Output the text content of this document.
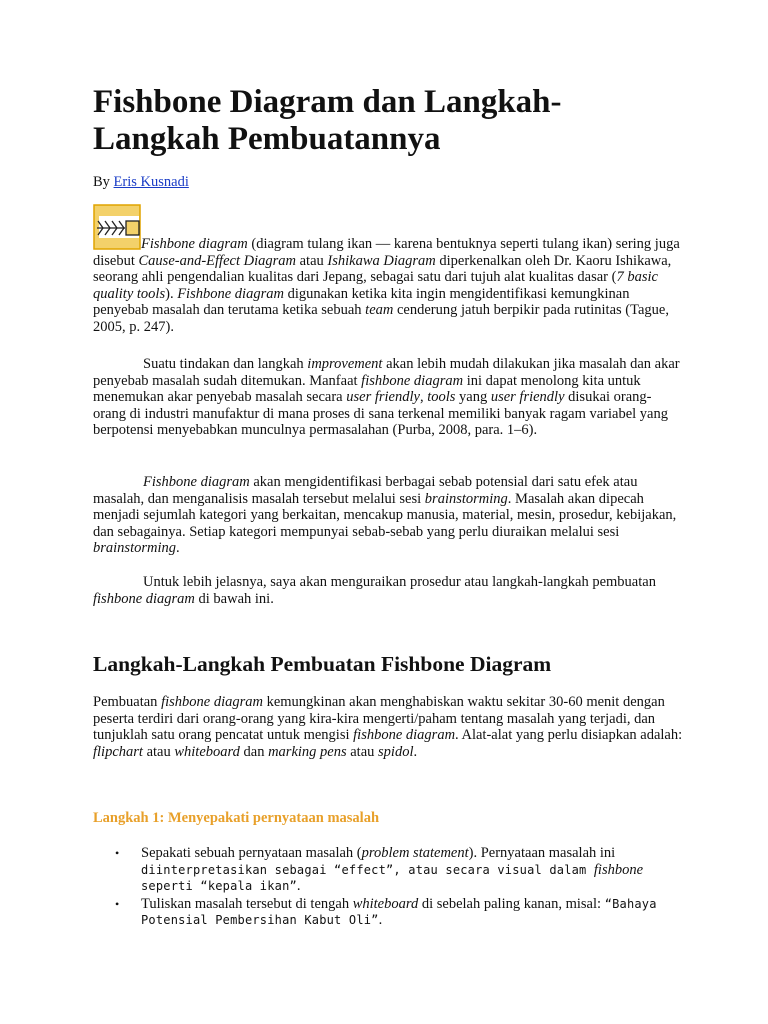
Fishbone Diagram dan Langkah-Langkah Pembuatannya
By Eris Kusnadi

Fishbone diagram (diagram tulang ikan — karena bentuknya seperti tulang ikan) sering juga disebut Cause-and-Effect Diagram atau Ishikawa Diagram diperkenalkan oleh Dr. Kaoru Ishikawa, seorang ahli pengendalian kualitas dari Jepang, sebagai satu dari tujuh alat kualitas dasar (7 basic quality tools). Fishbone diagram digunakan ketika kita ingin mengidentifikasi kemungkinan penyebab masalah dan terutama ketika sebuah team cenderung jatuh berpikir pada rutinitas (Tague, 2005, p. 247).

Suatu tindakan dan langkah improvement akan lebih mudah dilakukan jika masalah dan akar penyebab masalah sudah ditemukan. Manfaat fishbone diagram ini dapat menolong kita untuk menemukan akar penyebab masalah secara user friendly, tools yang user friendly disukai orang-orang di industri manufaktur di mana proses di sana terkenal memiliki banyak ragam variabel yang berpotensi menyebabkan munculnya permasalahan (Purba, 2008, para. 1–6).

Fishbone diagram akan mengidentifikasi berbagai sebab potensial dari satu efek atau masalah, dan menganalisis masalah tersebut melalui sesi brainstorming. Masalah akan dipecah menjadi sejumlah kategori yang berkaitan, mencakup manusia, material, mesin, prosedur, kebijakan, dan sebagainya. Setiap kategori mempunyai sebab-sebab yang perlu diuraikan melalui sesi brainstorming.

Untuk lebih jelasnya, saya akan menguraikan prosedur atau langkah-langkah pembuatan fishbone diagram di bawah ini.

Langkah-Langkah Pembuatan Fishbone Diagram

Pembuatan fishbone diagram kemungkinan akan menghabiskan waktu sekitar 30-60 menit dengan peserta terdiri dari orang-orang yang kira-kira mengerti/paham tentang masalah yang terjadi, dan tunjuklah satu orang pencatat untuk mengisi fishbone diagram. Alat-alat yang perlu disiapkan adalah: flipchart atau whiteboard dan marking pens atau spidol.

Langkah 1: Menyepakati pernyataan masalah
• Sepakati sebuah pernyataan masalah (problem statement). Pernyataan masalah ini diinterpretasikan sebagai “effect”, atau secara visual dalam fishbone seperti “kepala ikan”.
• Tuliskan masalah tersebut di tengah whiteboard di sebelah paling kanan, misal: “Bahaya Potensial Pembersihan Kabut Oli”.
